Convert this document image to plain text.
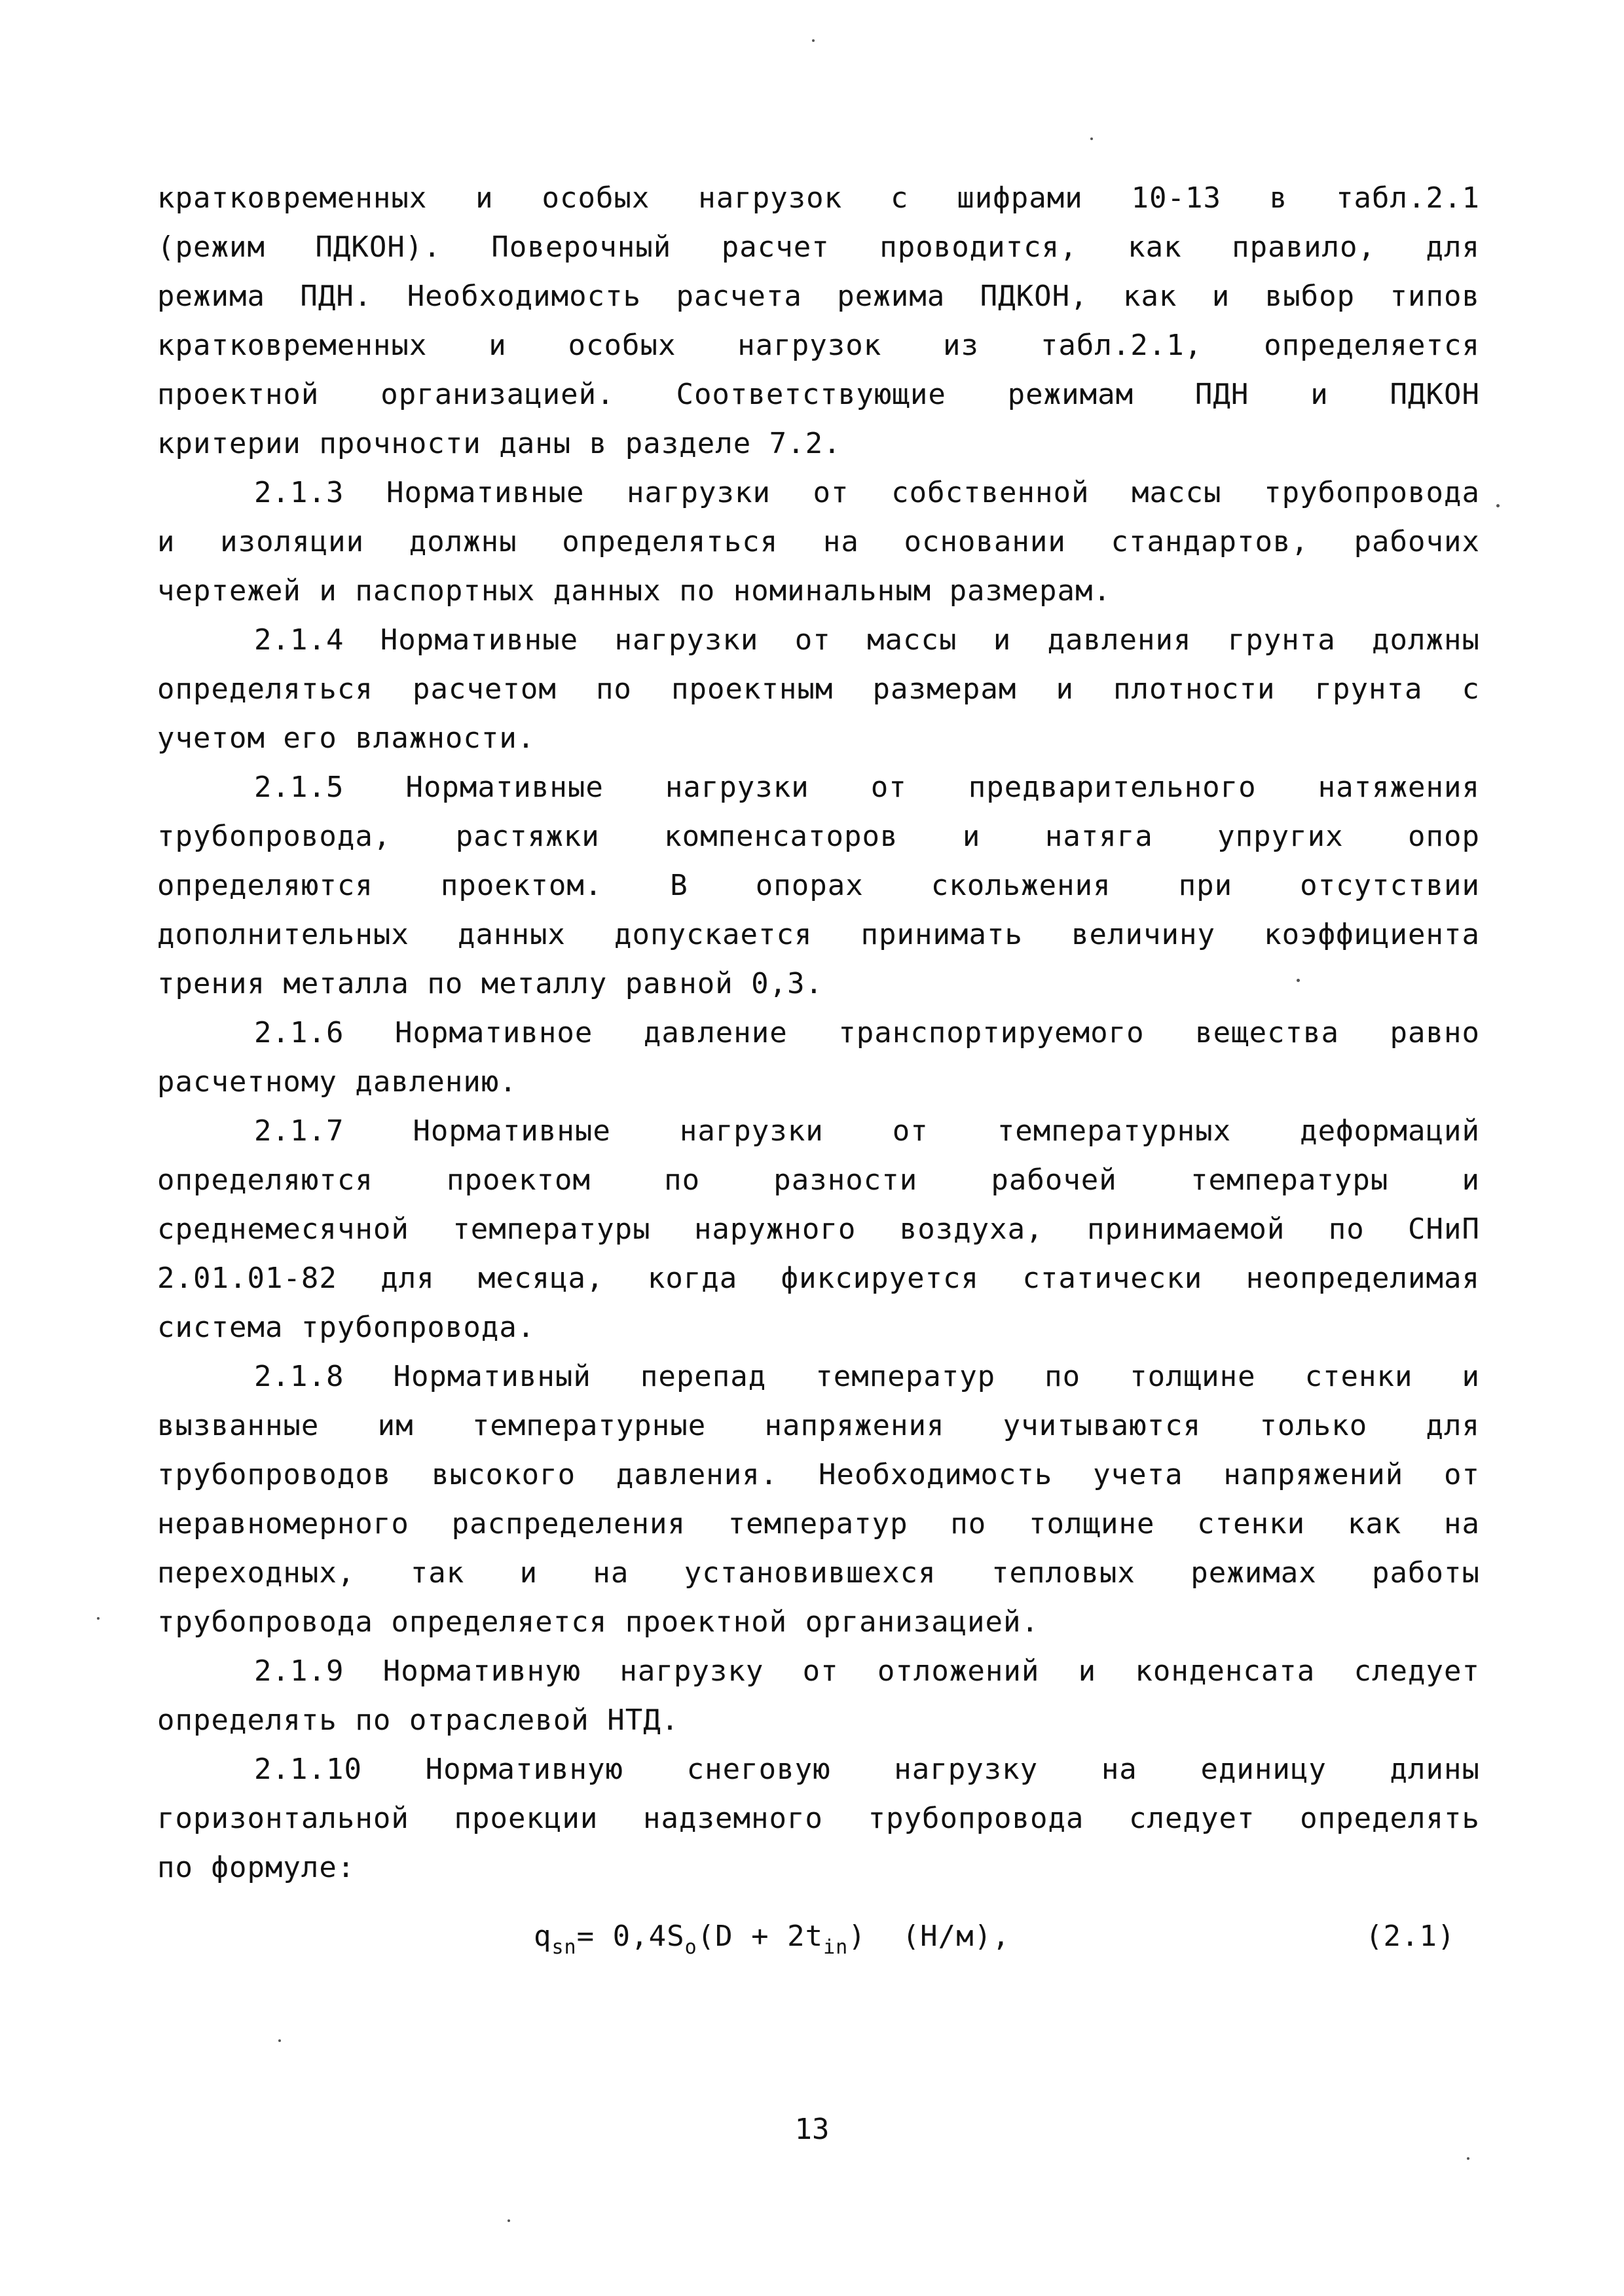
кратковременных и особых нагрузок с шифрами 10-13 в табл.2.1
(режим ПДКОН). Поверочный расчет проводится, как правило, для
режима ПДН. Необходимость расчета режима ПДКОН, как и выбор типов
кратковременных и особых нагрузок из табл.2.1, определяется
проектной организацией. Соответствующие режимам ПДН и ПДКОН
критерии прочности даны в разделе 7.2.
2.1.3 Нормативные нагрузки от собственной массы трубопровода
и изоляции должны определяться на основании стандартов, рабочих
чертежей и паспортных данных по номинальным размерам.
2.1.4 Нормативные нагрузки от массы и давления грунта должны
определяться расчетом по проектным размерам и плотности грунта с
учетом его влажности.
2.1.5 Нормативные нагрузки от предварительного натяжения
трубопровода, растяжки компенсаторов и натяга упругих опор
определяются проектом. В опорах скольжения при отсутствии
дополнительных данных допускается принимать величину коэффициента
трения металла по металлу равной 0,3.
2.1.6 Нормативное давление транспортируемого вещества равно
расчетному давлению.
2.1.7 Нормативные нагрузки от температурных деформаций
определяются проектом по разности рабочей температуры и
среднемесячной температуры наружного воздуха, принимаемой по СНиП
2.01.01-82 для месяца, когда фиксируется статически неопределимая
система трубопровода.
2.1.8 Нормативный перепад температур по толщине стенки и
вызванные им температурные напряжения учитываются только для
трубопроводов высокого давления. Необходимость учета напряжений от
неравномерного распределения температур по толщине стенки как на
переходных, так и на установившехся тепловых режимах работы
трубопровода определяется проектной организацией.
2.1.9 Нормативную нагрузку от отложений и конденсата следует
определять по отраслевой НТД.
2.1.10 Нормативную снеговую нагрузку на единицу длины
горизонтальной проекции надземного трубопровода следует определять
по формуле:
$q_{sn}= 0,4S_o(D + 2t_{in})$ (Н/м),	(2.1)
13
